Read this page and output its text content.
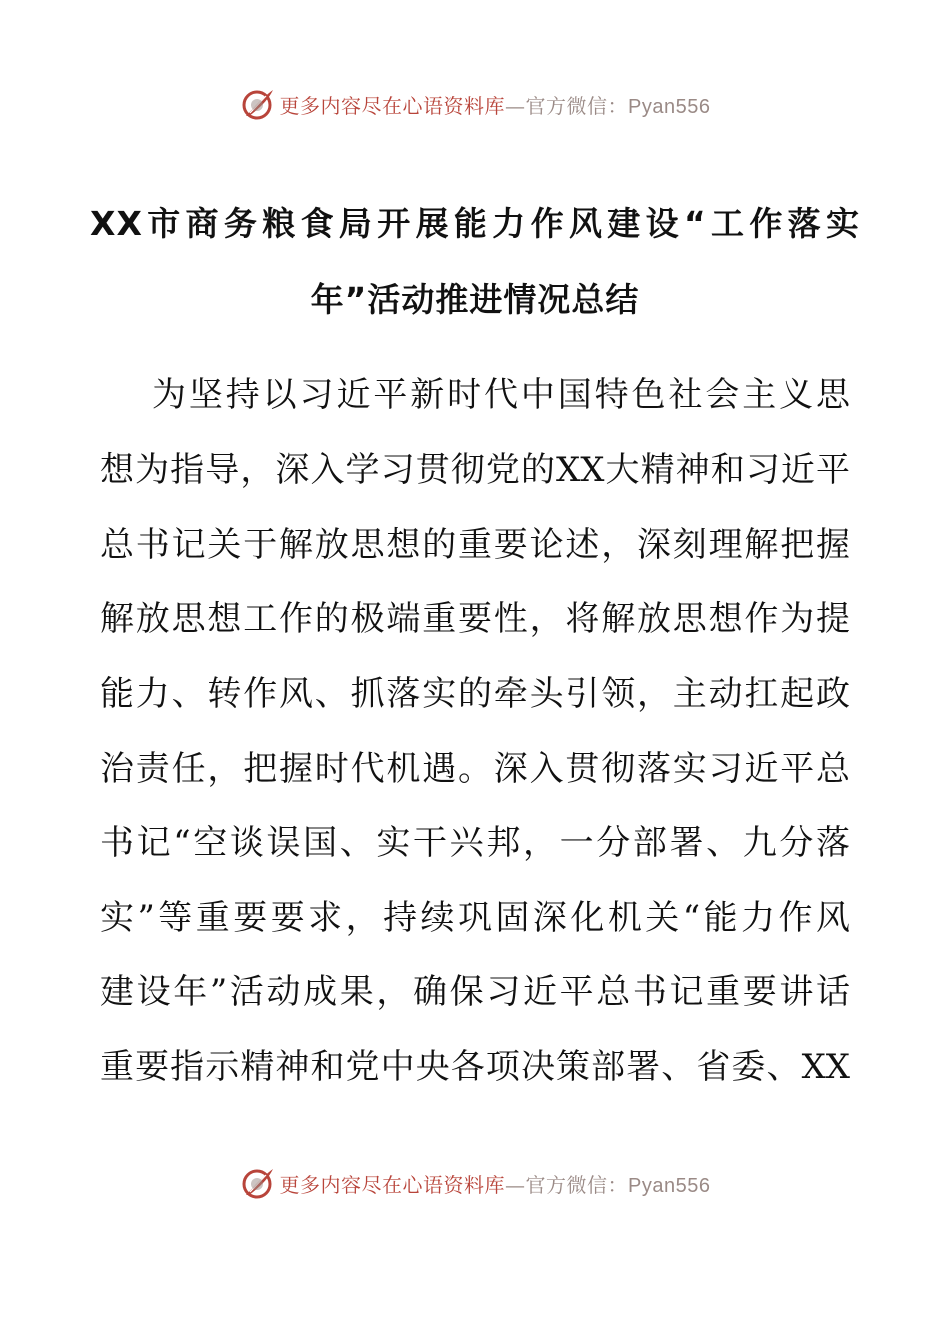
更多内容尽在心语资料库—官方微信：Pyan556
XX市商务粮食局开展能力作风建设“工作落实
年”活动推进情况总结
为坚持以习近平新时代中国特色社会主义思
想为指导，深入学习贯彻党的XX大精神和习近平
总书记关于解放思想的重要论述，深刻理解把握
解放思想工作的极端重要性，将解放思想作为提
能力、转作风、抓落实的牵头引领，主动扛起政
治责任，把握时代机遇。深入贯彻落实习近平总
书记“空谈误国、实干兴邦，一分部署、九分落
实”等重要要求，持续巩固深化机关“能力作风
建设年”活动成果，确保习近平总书记重要讲话
重要指示精神和党中央各项决策部署、省委、XX
更多内容尽在心语资料库—官方微信：Pyan556
